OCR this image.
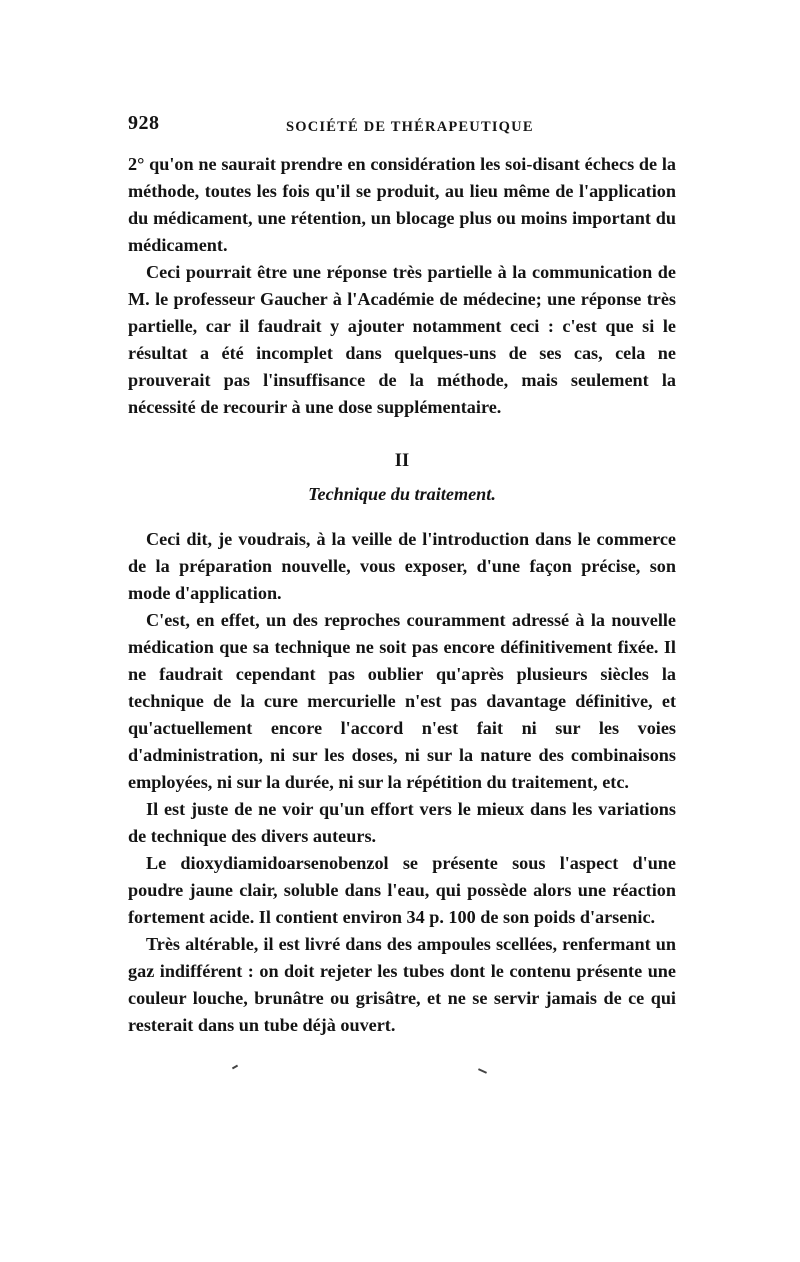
928	SOCIÉTÉ DE THÉRAPEUTIQUE

2° qu'on ne saurait prendre en considération les soi-disant échecs de la méthode, toutes les fois qu'il se produit, au lieu même de l'application du médicament, une rétention, un blocage plus ou moins important du médicament.

Ceci pourrait être une réponse très partielle à la communication de M. le professeur Gaucher à l'Académie de médecine; une réponse très partielle, car il faudrait y ajouter notamment ceci : c'est que si le résultat a été incomplet dans quelques-uns de ses cas, cela ne prouverait pas l'insuffisance de la méthode, mais seulement la nécessité de recourir à une dose supplémentaire.

II
Technique du traitement.

Ceci dit, je voudrais, à la veille de l'introduction dans le commerce de la préparation nouvelle, vous exposer, d'une façon précise, son mode d'application.

C'est, en effet, un des reproches couramment adressé à la nouvelle médication que sa technique ne soit pas encore définitivement fixée. Il ne faudrait cependant pas oublier qu'après plusieurs siècles la technique de la cure mercurielle n'est pas davantage définitive, et qu'actuellement encore l'accord n'est fait ni sur les voies d'administration, ni sur les doses, ni sur la nature des combinaisons employées, ni sur la durée, ni sur la répétition du traitement, etc.

Il est juste de ne voir qu'un effort vers le mieux dans les variations de technique des divers auteurs.

Le dioxydiamidoarsenobenzol se présente sous l'aspect d'une poudre jaune clair, soluble dans l'eau, qui possède alors une réaction fortement acide. Il contient environ 34 p. 100 de son poids d'arsenic.

Très altérable, il est livré dans des ampoules scellées, renfermant un gaz indifférent : on doit rejeter les tubes dont le contenu présente une couleur louche, brunâtre ou grisâtre, et ne se servir jamais de ce qui resterait dans un tube déjà ouvert.
